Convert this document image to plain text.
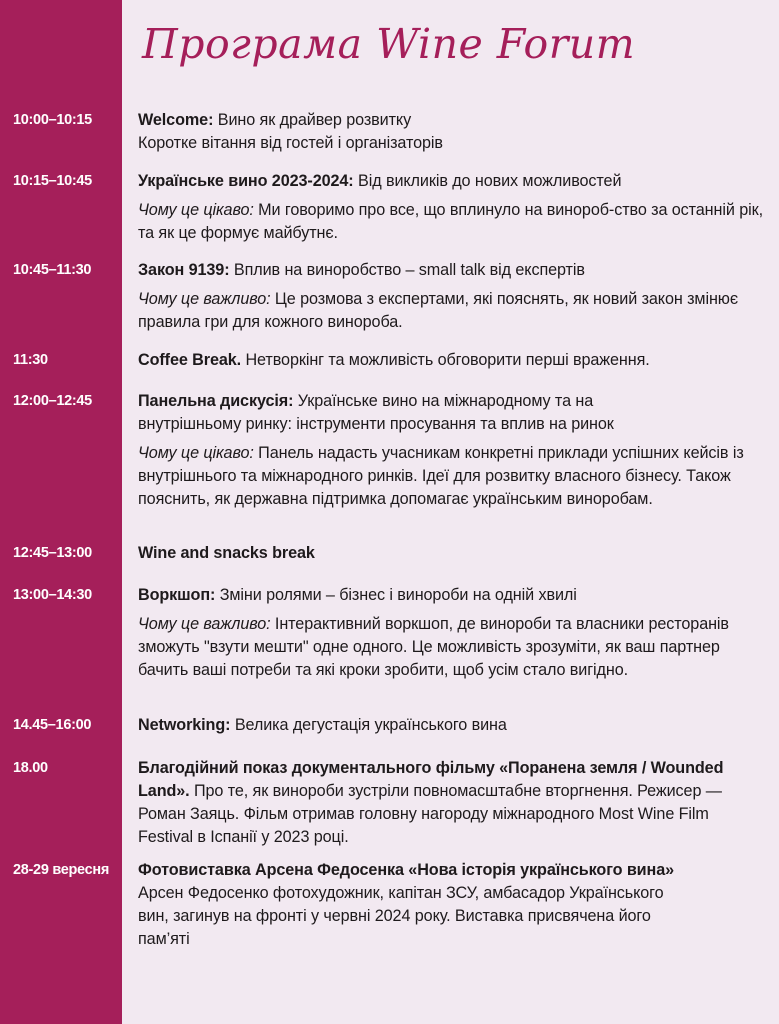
Програма Wine Forum
10:00–10:15	Welcome: Вино як драйвер розвитку

Коротке вітання від гостей і організаторів

10:15–10:45	Українське вино 2023-2024: Від викликів до нових можливостей

Чому це цікаво: Ми говоримо про все, що вплинуло на винороб-ство за останній рік, та як це формує майбутнє.

10:45–11:30	Закон 9139: Вплив на виноробство – small talk від експертів

Чому це важливо: Це розмова з експертами, які пояснять, як новий закон змінює правила гри для кожного винороба.

11:30	Coffee Break. Нетворкінг та можливість обговорити перші враження.

12:00–12:45	Панельна дискусія: Українське вино на міжнародному та на внутрішньому ринку: інструменти просування та вплив на ринок

Чому це цікаво: Панель надасть учасникам конкретні приклади успішних кейсів із внутрішнього та міжнародного ринків. Ідеї для розвитку власного бізнесу. Також пояснить, як державна підтримка допомагає українським виноробам.

12:45–13:00	Wine and snacks break

13:00–14:30	Воркшоп: Зміни ролями – бізнес і винороби на одній хвилі

Чому це важливо: Інтерактивний воркшоп, де винороби та власники ресторанів зможуть "взути мешти" одне одного. Це можливість зрозуміти, як ваш партнер бачить ваші потреби та які кроки зробити, щоб усім стало вигідно.

14.45–16:00	Networking: Велика дегустація українського вина

18.00	Благодійний показ документального фільму «Поранена земля / Wounded Land». Про те, як винороби зустріли повномасштабне вторгнення. Режисер — Роман Заяць. Фільм отримав головну нагороду міжнародного Most Wine Film Festival в Іспанії у 2023 році.

28-29 вересня	Фотовиставка Арсена Федосенка «Нова історія українського вина»

Арсен Федосенко фотохудожник, капітан ЗСУ, амбасадор Українського вин, загинув на фронті у червні 2024 року. Виставка присвячена його пам’яті
